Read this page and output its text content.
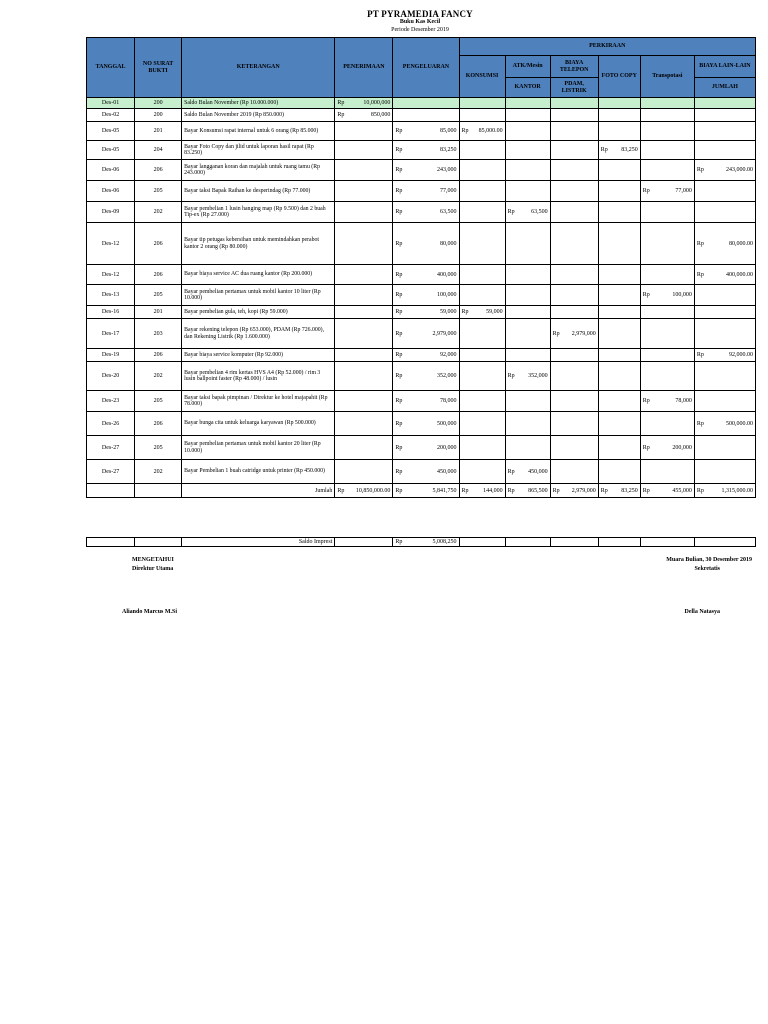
PT PYRAMEDIA FANCY
Buku Kas Kecil
Periode Desember 2019
TANGGAL	NO SURAT BUKTI	KETERANGAN	PENERIMAAN	PENGELUARAN	PERKIRAAN					
					KONSUMSI	ATK/Mesin	BIAYA TELEPON	FOTO COPY	Transpotasi	BIAYA LAIN-LAIN
						KANTOR	PDAM, LISTRIK			JUMLAH
Des-01	200	Saldo Bulan November (Rp 10.000.000)	Rp 10,000,000							

Des-02	200	Saldo Bulan November 2019 (Rp 850.000)	Rp 850,000							

Des-05	201	Bayar Konsumsi rapat internal untuk 6 orang (Rp 85.000)		Rp 85,000	Rp 85,000.00					

Des-05	204	Bayar Foto Copy dan jilid untuk laporan hasil rapat (Rp 83.250)		Rp 83,250				Rp 83,250		

Des-06	206	Bayar langganan koran dan majalah untuk ruang tamu (Rp 243.000)		Rp 243,000						Rp 243,000.00

Des-06	205	Bayar taksi Bapak Raihan ke desperindag (Rp 77.000)		Rp 77,000					Rp 77,000	

Des-09	202	Bayar pembelian 1 lusin hanging map (Rp 9.500) dan 2 buah Tip-ex (Rp 27.000)		Rp 63,500		Rp 63,500				

Des-12	206	Bayar tip petugas kebersihan untuk memindahkan perabot kantor 2 orang (Rp 80.000)		Rp 80,000						Rp 80,000.00

Des-12	206	Bayar biaya service AC dua ruang kantor (Rp 200.000)		Rp 400,000						Rp 400,000.00

Des-13	205	Bayar pembelian pertamax untuk mobil kantor 10 liter (Rp 10.000)		Rp 100,000					Rp 100,000	

Des-16	201	Bayar pembelian gula, teh, kopi (Rp 59.000)		Rp 59,000	Rp 59,000					

Des-17	203	Bayar rekening telepon (Rp 653.000), PDAM (Rp 726.000), dan Rekening Listrik (Rp 1.600.000)		Rp 2,979,000			Rp 2,979,000			

Des-19	206	Bayar biaya service komputer (Rp 92.000)		Rp 92,000						Rp 92,000.00

Des-20	202	Bayar pembelian 4 rim kertas HVS A4 (Rp 52.000) / rim 3 lusin ballpoint faster (Rp 48.000) / lusin		Rp 352,000		Rp 352,000				

Des-23	205	Bayar taksi bapak pimpinan / Direktur ke hotel majapahit (Rp 78.000)		Rp 78,000					Rp 78,000	

Des-26	206	Bayar bunga cita untuk keluarga karyawan (Rp 500.000)		Rp 500,000						Rp 500,000.00

Des-27	205	Bayar pembelian pertamax untuk mobil kantor 20 liter (Rp 10.000)		Rp 200,000					Rp 200,000	

Des-27	202	Bayar Pembelian 1 buah catridge untuk printer (Rp 450.000)		Rp 450,000		Rp 450,000				

		Jumlah	Rp 10,850,000.00	Rp 5,841,750	Rp 144,000	Rp 865,500	Rp 2,979,000	Rp 83,250	Rp 455,000	Rp 1,315,000.00
		Saldo Imprest		Rp	5,008,250

MENGETAHUI
Direktur Utama
Aliando Marcus M.Si
Muara Bulian, 30 Desember 2019
Sekretatis
Della Natasya
